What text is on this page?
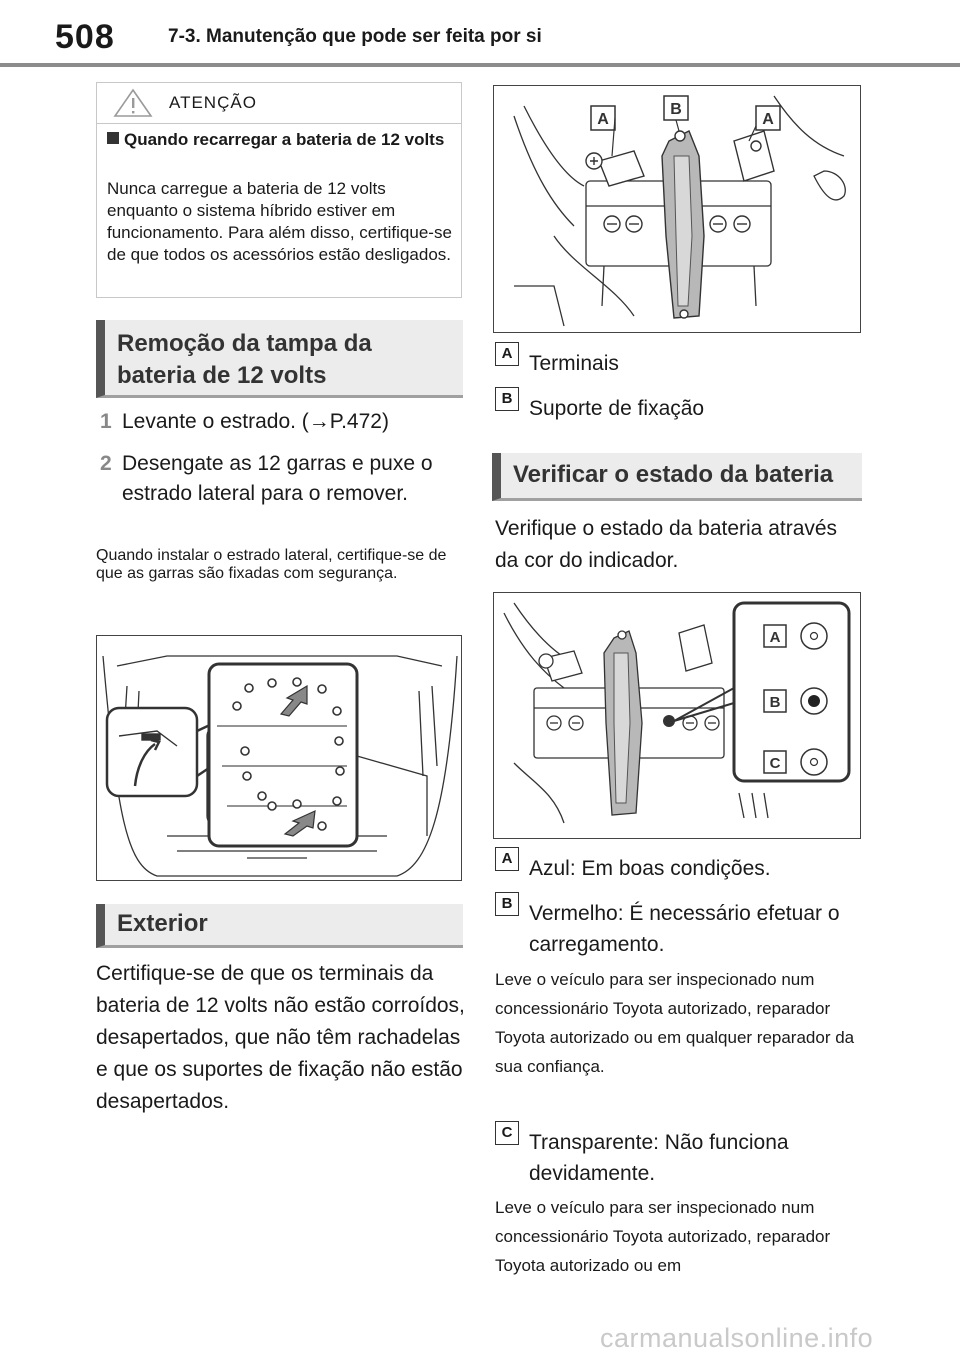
508	7-3. Manutenção que pode ser feita por si
ATENÇÃO
Quando recarregar a bateria de 12 volts
Nunca carregue a bateria de 12 volts enquanto o sistema híbrido estiver em funcionamento. Para além disso, certifique-se de que todos os acessórios estão desligados.
Remoção da tampa da bateria de 12 volts
1 Levante o estrado. (→P.472)
2 Desengate as 12 garras e puxe o estrado lateral para o remover.
Quando instalar o estrado lateral, certifique-se de que as garras são fixadas com segurança.
Exterior
Certifique-se de que os terminais da bateria de 12 volts não estão corroídos, desapertados, que não têm rachadelas e que os suportes de fixação não estão desapertados.
A
B
A
A Terminais
B Suporte de fixação
Verificar o estado da bateria
Verifique o estado da bateria através da cor do indicador.
A
B
C
A Azul: Em boas condições.
B Vermelho: É necessário efetuar o carregamento.
Leve o veículo para ser inspecionado num concessionário Toyota autorizado, reparador Toyota autorizado ou em qualquer reparador da sua confiança.
C Transparente: Não funciona devidamente.
Leve o veículo para ser inspecionado num concessionário Toyota autorizado, reparador Toyota autorizado ou em
carmanualsonline.info
